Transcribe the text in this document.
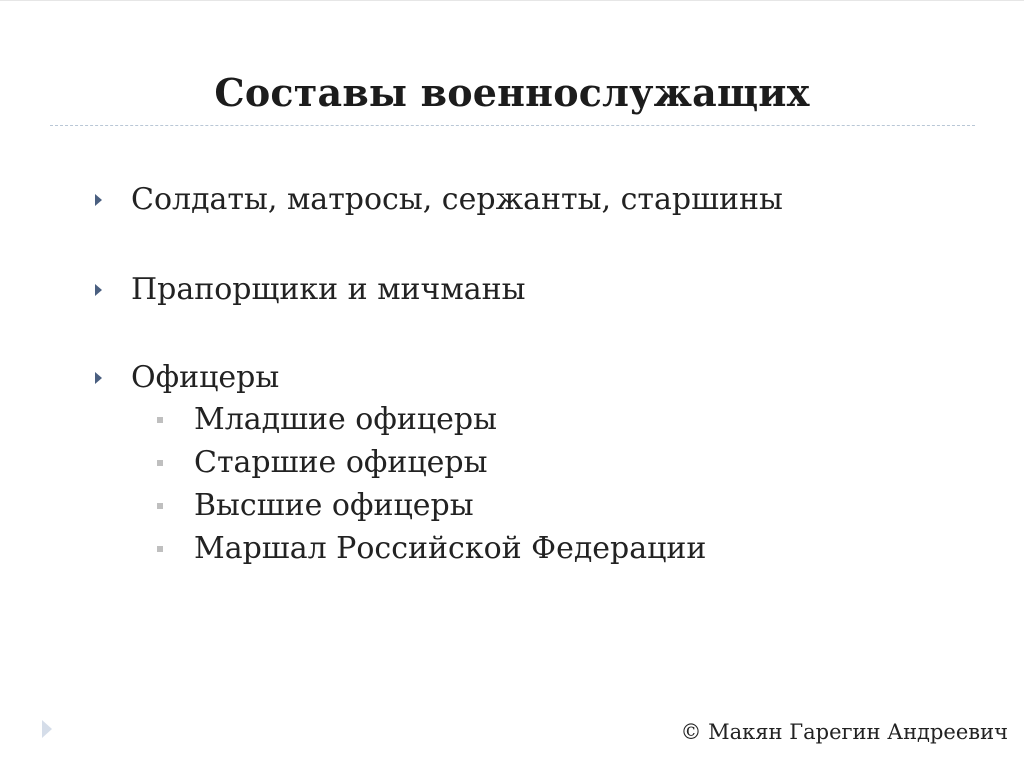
Составы военнослужащих
Солдаты, матросы, сержанты, старшины
Прапорщики и мичманы
Офицеры
Младшие офицеры
Старшие офицеры
Высшие офицеры
Маршал Российской Федерации
© Макян Гарегин Андреевич
